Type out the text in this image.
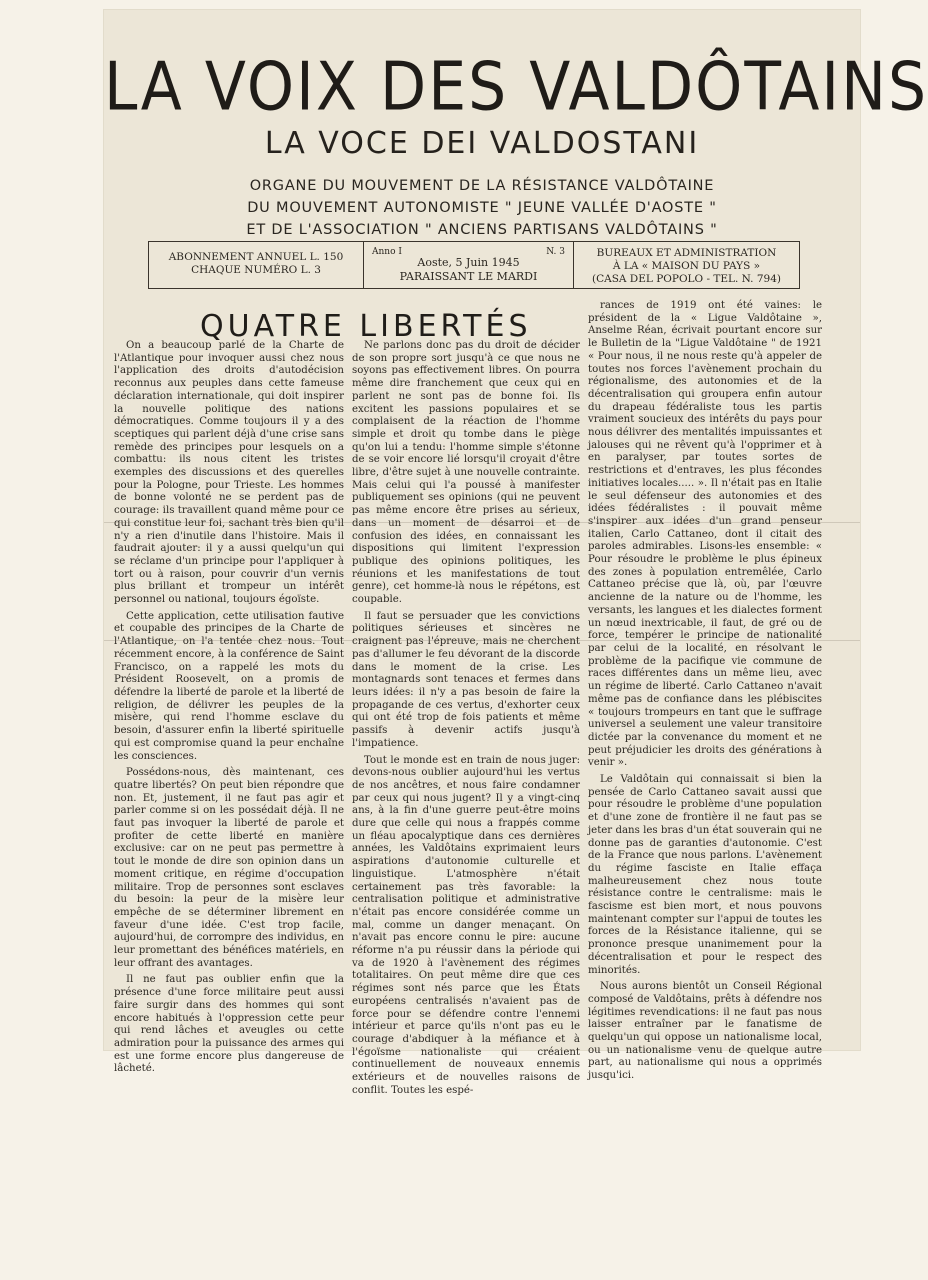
LA VOIX DES VALDÔTAINS
LA VOCE DEI VALDOSTANI
ORGANE DU MOUVEMENT DE LA RÉSISTANCE VALDÔTAINE
DU MOUVEMENT AUTONOMISTE " JEUNE VALLÉE D'AOSTE "
ET DE L'ASSOCIATION " ANCIENS PARTISANS VALDÔTAINS "
ABONNEMENT ANNUEL L. 150
CHAQUE NUMÉRO L. 3
Anno I	N. 3
Aoste, 5 Juin 1945
PARAISSANT LE MARDI
BUREAUX ET ADMINISTRATION
À LA « MAISON DU PAYS »
(CASA DEL POPOLO - TEL. N. 794)
QUATRE LIBERTÉS

On a beaucoup parlé de la Charte de l'Atlantique pour invoquer aussi chez nous l'application des droits d'autodécision reconnus aux peuples dans cette fameuse déclaration internationale, qui doit inspirer la nouvelle politique des nations démocratiques. Comme toujours il y a des sceptiques qui parlent déjà d'une crise sans remède des principes pour lesquels on a combattu: ils nous citent les tristes exemples des discussions et des querelles pour la Pologne, pour Trieste. Les hommes de bonne volonté ne se perdent pas de courage: ils travaillent quand même pour ce qui constitue leur foi, sachant très bien qu'il n'y a rien d'inutile dans l'histoire. Mais il faudrait ajouter: il y a aussi quelqu'un qui se réclame d'un principe pour l'appliquer à tort ou à raison, pour couvrir d'un vernis plus brillant et trompeur un intérêt personnel ou national, toujours égoïste.

Cette application, cette utilisation fautive et coupable des principes de la Charte de l'Atlantique, on l'a tentée chez nous. Tout récemment encore, à la conférence de Saint Francisco, on a rappelé les mots du Président Roosevelt, on a promis de défendre la liberté de parole et la liberté de religion, de délivrer les peuples de la misère, qui rend l'homme esclave du besoin, d'assurer enfin la liberté spirituelle qui est compromise quand la peur enchaîne les consciences.

Possédons-nous, dès maintenant, ces quatre libertés? On peut bien répondre que non. Et, justement, il ne faut pas agir et parler comme si on les possédait déjà. Il ne faut pas invoquer la liberté de parole et profiter de cette liberté en manière exclusive: car on ne peut pas permettre à tout le monde de dire son opinion dans un moment critique, en régime d'occupation militaire. Trop de personnes sont esclaves du besoin: la peur de la misère leur empêche de se déterminer librement en faveur d'une idée. C'est trop facile, aujourd'hui, de corrompre des individus, en leur promettant des bénéfices matériels, en leur offrant des avantages.

Il ne faut pas oublier enfin que la présence d'une force militaire peut aussi faire surgir dans des hommes qui sont encore habitués à l'oppression cette peur qui rend lâches et aveugles ou cette admiration pour la puissance des armes qui est une forme encore plus dangereuse de lâcheté.

Ne parlons donc pas du droit de décider de son propre sort jusqu'à ce que nous ne soyons pas effectivement libres. On pourra même dire franchement que ceux qui en parlent ne sont pas de bonne foi. Ils excitent les passions populaires et se complaisent de la réaction de l'homme simple et droit qu tombe dans le piège qu'on lui a tendu: l'homme simple s'étonne de se voir encore lié lorsqu'il croyait d'être libre, d'être sujet à une nouvelle contrainte. Mais celui qui l'a poussé à manifester publiquement ses opinions (qui ne peuvent pas même encore être prises au sérieux, dans un moment de désarroi et de confusion des idées, en connaissant les dispositions qui limitent l'expression publique des opinions politiques, les réunions et les manifestations de tout genre), cet homme-là nous le répétons, est coupable.

Il faut se persuader que les convictions politiques sérieuses et sincères ne craignent pas l'épreuve, mais ne cherchent pas d'allumer le feu dévorant de la discorde dans le moment de la crise. Les montagnards sont tenaces et fermes dans leurs idées: il n'y a pas besoin de faire la propagande de ces vertus, d'exhorter ceux qui ont été trop de fois patients et même passifs à devenir actifs jusqu'à l'impatience.

Tout le monde est en train de nous juger: devons-nous oublier aujourd'hui les vertus de nos ancêtres, et nous faire condamner par ceux qui nous jugent? Il y a vingt-cinq ans, à la fin d'une guerre peut-être moins dure que celle qui nous a frappés comme un fléau apocalyptique dans ces dernières années, les Valdôtains exprimaient leurs aspirations d'autonomie culturelle et linguistique. L'atmosphère n'était certainement pas très favorable: la centralisation politique et administrative n'était pas encore considérée comme un mal, comme un danger menaçant. On n'avait pas encore connu le pire: aucune réforme n'a pu réussir dans la période qui va de 1920 à l'avènement des régimes totalitaires. On peut même dire que ces régimes sont nés parce que les États européens centralisés n'avaient pas de force pour se défendre contre l'ennemi intérieur et parce qu'ils n'ont pas eu le courage d'abdiquer à la méfiance et à l'égoïsme nationaliste qui créaient continuellement de nouveaux ennemis extérieurs et de nouvelles raisons de conflit. Toutes les espé-

rances de 1919 ont été vaines: le président de la « Ligue Valdôtaine », Anselme Réan, écrivait pourtant encore sur le Bulletin de la "Ligue Valdôtaine " de 1921 « Pour nous, il ne nous reste qu'à appeler de toutes nos forces l'avènement prochain du régionalisme, des autonomies et de la décentralisation qui groupera enfin autour du drapeau fédéraliste tous les partis vraiment soucieux des intérêts du pays pour nous délivrer des mentalités impuissantes et jalouses qui ne rêvent qu'à l'opprimer et à en paralyser, par toutes sortes de restrictions et d'entraves, les plus fécondes initiatives locales..... ». Il n'était pas en Italie le seul défenseur des autonomies et des idées fédéralistes : il pouvait même s'inspirer aux idées d'un grand penseur italien, Carlo Cattaneo, dont il citait des paroles admirables. Lisons-les ensemble: « Pour résoudre le problème le plus épineux des zones à population entremêlée, Carlo Cattaneo précise que là, où, par l'œuvre ancienne de la nature ou de l'homme, les versants, les langues et les dialectes forment un nœud inextricable, il faut, de gré ou de force, tempérer le principe de nationalité par celui de la localité, en résolvant le problème de la pacifique vie commune de races différentes dans un même lieu, avec un régime de liberté. Carlo Cattaneo n'avait même pas de confiance dans les plébiscites « toujours trompeurs en tant que le suffrage universel a seulement une valeur transitoire dictée par la convenance du moment et ne peut préjudicier les droits des générations à venir ».

Le Valdôtain qui connaissait si bien la pensée de Carlo Cattaneo savait aussi que pour résoudre le problème d'une population et d'une zone de frontière il ne faut pas se jeter dans les bras d'un état souverain qui ne donne pas de garanties d'autonomie. C'est de la France que nous parlons. L'avènement du régime fasciste en Italie effaça malheureusement chez nous toute résistance contre le centralisme: mais le fascisme est bien mort, et nous pouvons maintenant compter sur l'appui de toutes les forces de la Résistance italienne, qui se prononce presque unanimement pour la décentralisation et pour le respect des minorités.

Nous aurons bientôt un Conseil Régional composé de Valdôtains, prêts à défendre nos légitimes revendications: il ne faut pas nous laisser entraîner par le fanatisme de quelqu'un qui oppose un nationalisme local, ou un nationalisme venu de quelque autre part, au nationalisme qui nous a opprimés jusqu'ici.
